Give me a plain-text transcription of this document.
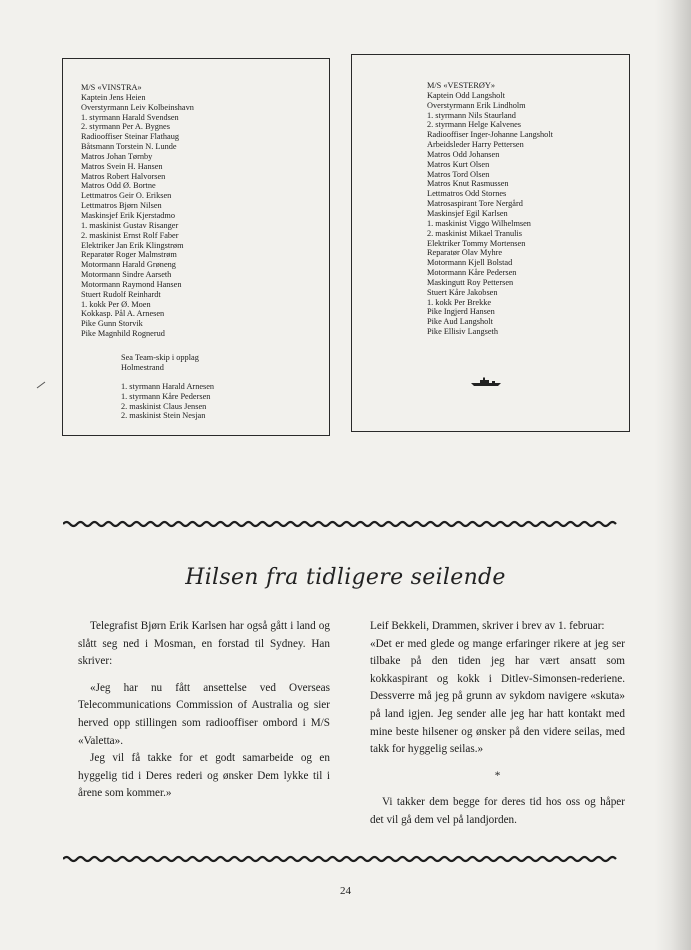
M/S «VINSTRA»
Kaptein Jens Heien
Overstyrmann Leiv Kolbeinshavn
1. styrmann Harald Svendsen
2. styrmann Per A. Bygnes
Radiooffiser Steinar Flathaug
Båtsmann Torstein N. Lunde
Matros Johan Tørnby
Matros Svein H. Hansen
Matros Robert Halvorsen
Matros Odd Ø. Bortne
Lettmatros Geir O. Eriksen
Lettmatros Bjørn Nilsen
Maskinsjef Erik Kjerstadmo
1. maskinist Gustav Risanger
2. maskinist Ernst Rolf Faber
Elektriker Jan Erik Klingstrøm
Reparatør Roger Malmstrøm
Motormann Harald Grøneng
Motormann Sindre Aarseth
Motormann Raymond Hansen
Stuert Rudolf Reinhardt
1. kokk Per Ø. Moen
Kokkasp. Pål A. Arnesen
Pike Gunn Storvik
Pike Magnhild Rognerud
Sea Team-skip i opplag
Holmestrand

1. styrmann Harald Arnesen
1. styrmann Kåre Pedersen
2. maskinist Claus Jensen
2. maskinist Stein Nesjan
M/S «VESTERØY»
Kaptein Odd Langsholt
Overstyrmann Erik Lindholm
1. styrmann Nils Staurland
2. styrmann Helge Kalvenes
Radiooffiser Inger-Johanne Langsholt
Arbeidsleder Harry Pettersen
Matros Odd Johansen
Matros Kurt Olsen
Matros Tord Olsen
Matros Knut Rasmussen
Lettmatros Odd Stornes
Matrosaspirant Tore Nergård
Maskinsjef Egil Karlsen
1. maskinist Viggo Wilhelmsen
2. maskinist Mikael Tranulis
Elektriker Tommy Mortensen
Reparatør Olav Myhre
Motormann Kjell Bolstad
Motormann Kåre Pedersen
Maskingutt Roy Pettersen
Stuert Kåre Jakobsen
1. kokk Per Brekke
Pike Ingjerd Hansen
Pike Aud Langsholt
Pike Ellisiv Langseth
Hilsen fra tidligere seilende

Telegrafist Bjørn Erik Karlsen har også gått i land og slått seg ned i Mosman, en forstad til Sydney. Han skriver:

«Jeg har nu fått ansettelse ved Overseas Telecommunications Commission of Australia og sier herved opp stillingen som radiooffiser ombord i M/S «Valetta».

Jeg vil få takke for et godt samarbeide og en hyggelig tid i Deres rederi og ønsker Dem lykke til i årene som kommer.»

Leif Bekkeli, Drammen, skriver i brev av 1. februar:

«Det er med glede og mange erfaringer rikere at jeg ser tilbake på den tiden jeg har vært ansatt som kokkaspirant og kokk i Ditlev-Simonsen-rederiene. Dessverre må jeg på grunn av sykdom navigere «skuta» på land igjen. Jeg sender alle jeg har hatt kontakt med mine beste hilsener og ønsker på den videre seilas, med takk for hyggelig seilas.»

*

Vi takker dem begge for deres tid hos oss og håper det vil gå dem vel på landjorden.

24
